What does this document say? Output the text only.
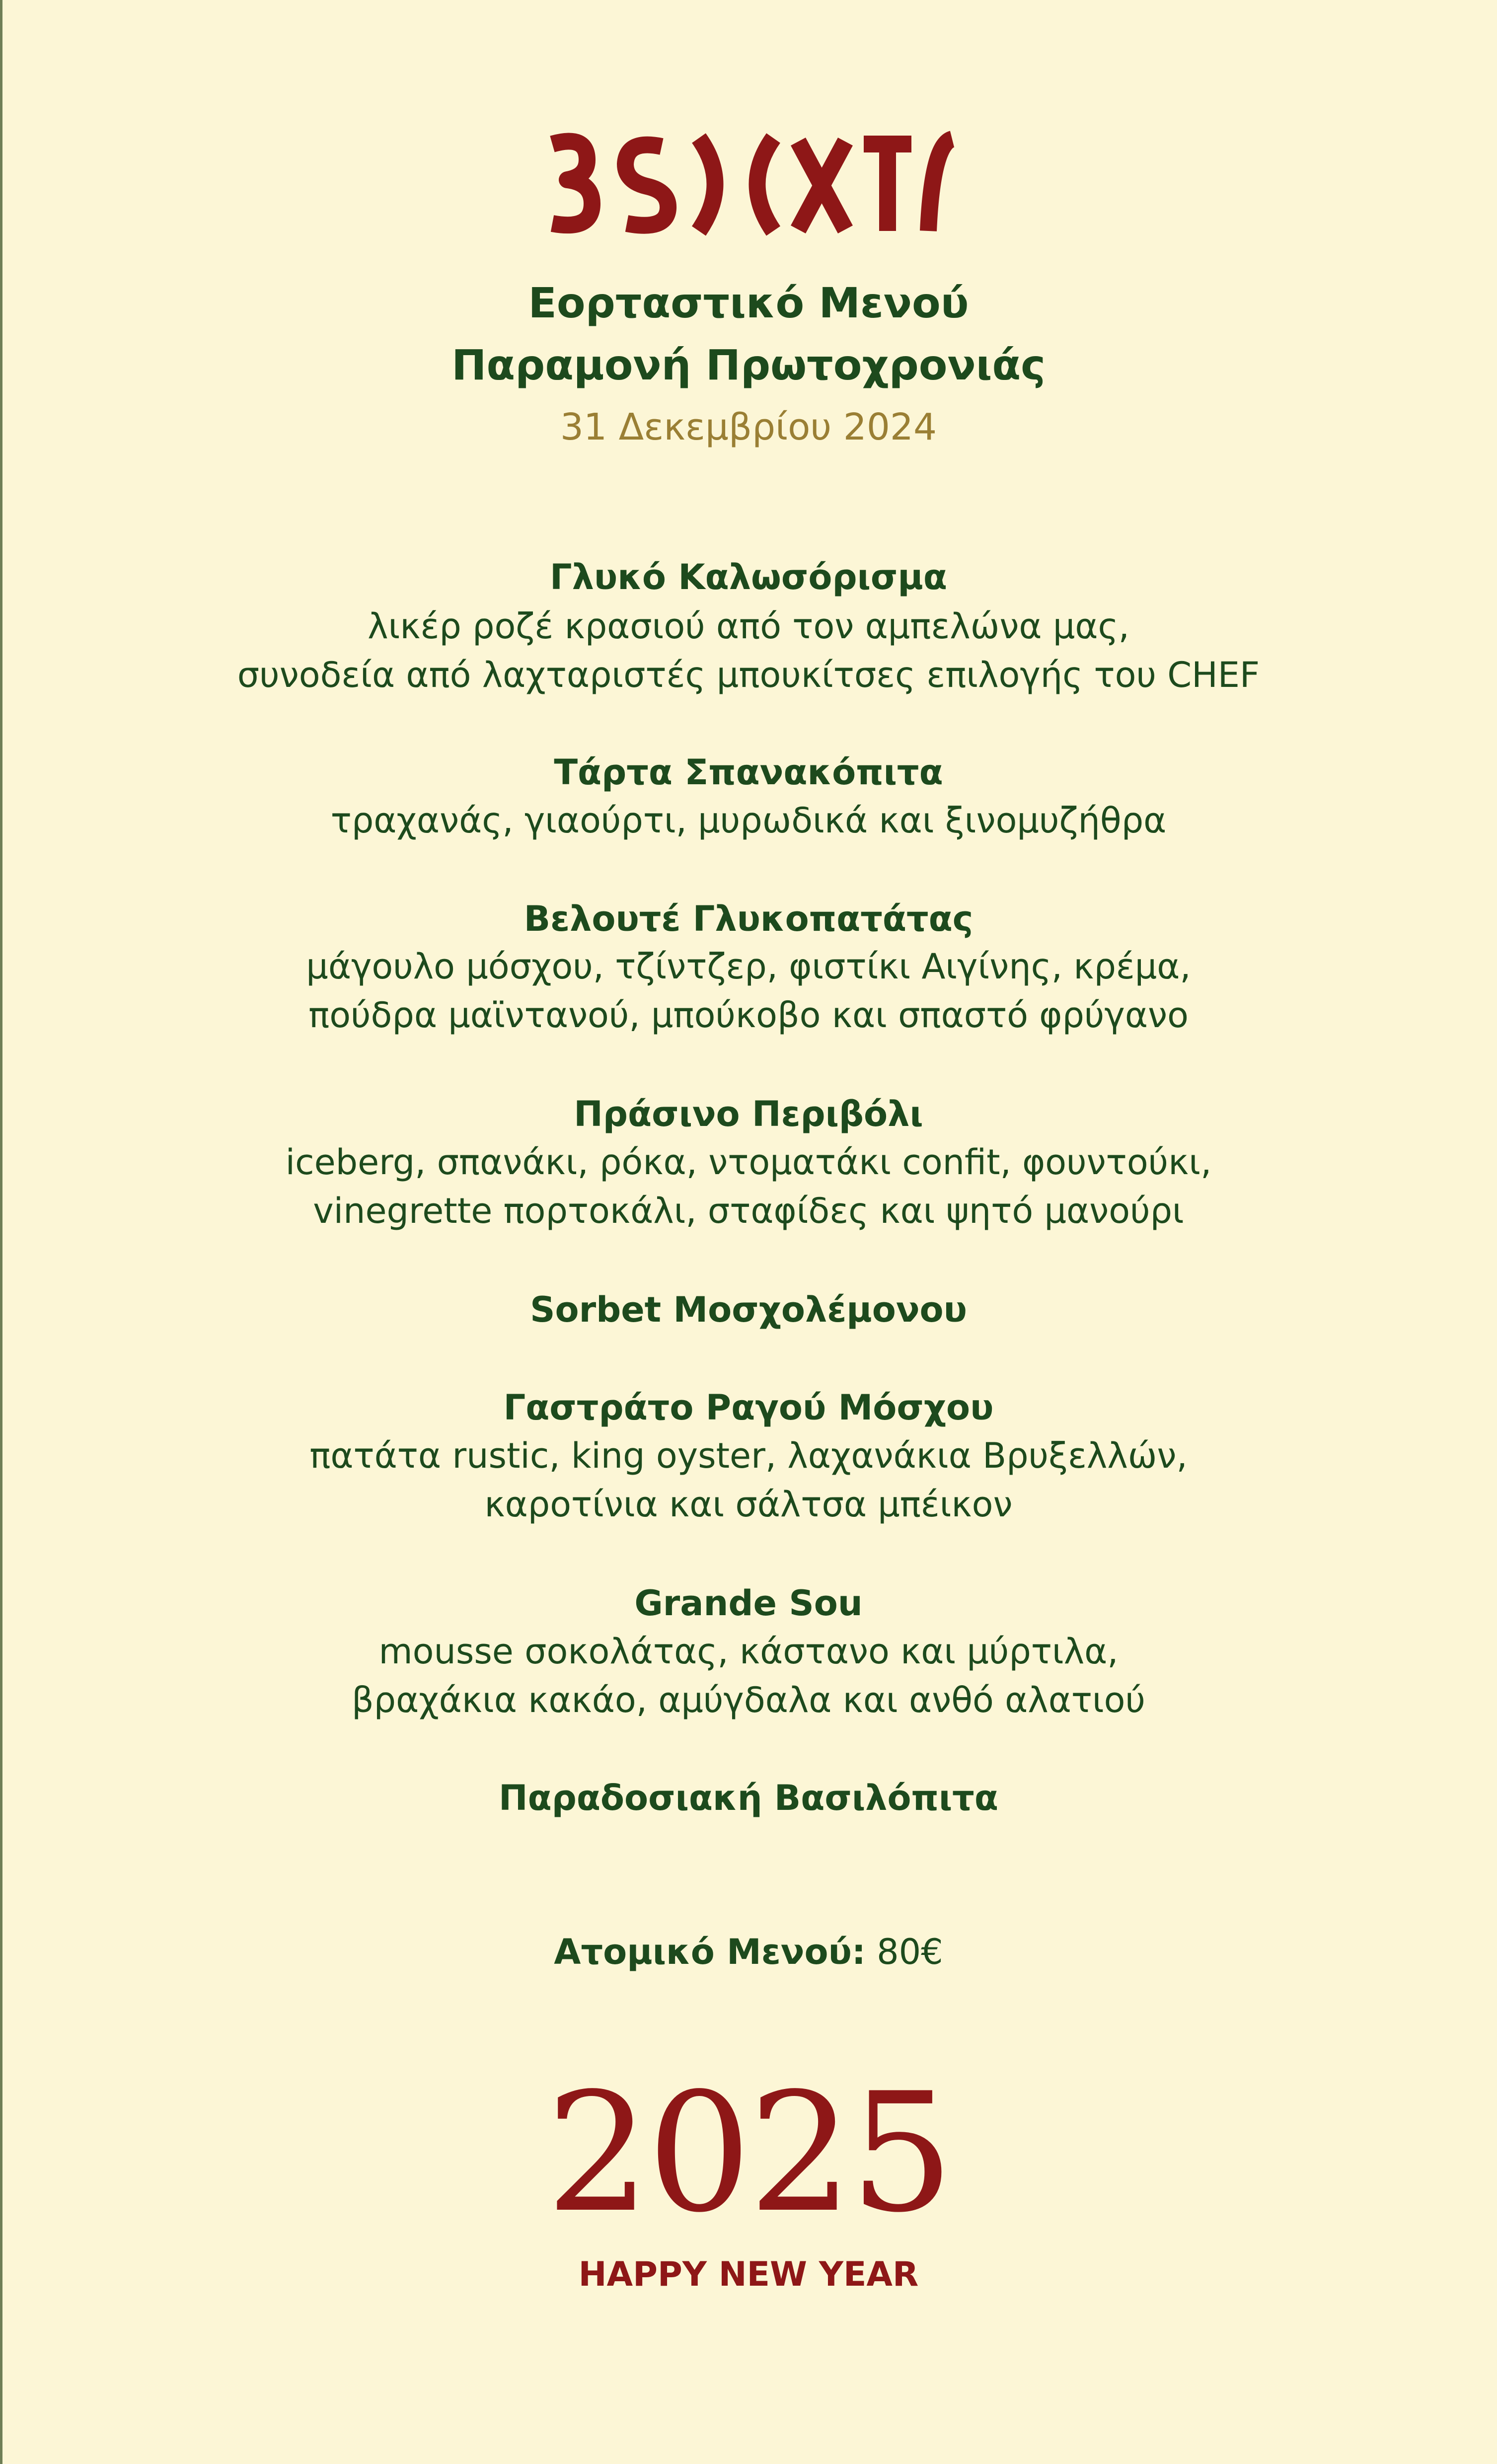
Εορταστικό Μενού
Παραμονή Πρωτοχρονιάς
31 Δεκεμβρίου 2024
Γλυκό Καλωσόρισμα
λικέρ ροζέ κρασιού από τον αμπελώνα μας,
συνοδεία από λαχταριστές μπουκίτσες επιλογής του CHEF
Τάρτα Σπανακόπιτα
τραχανάς, γιαούρτι, μυρωδικά και ξινομυζήθρα
Βελουτέ Γλυκοπατάτας
μάγουλο μόσχου, τζίντζερ, φιστίκι Αιγίνης, κρέμα,
πούδρα μαϊντανού, μπούκοβο και σπαστό φρύγανο
Πράσινο Περιβόλι
iceberg, σπανάκι, ρόκα, ντοματάκι confit, φουντούκι,
vinegrette πορτοκάλι, σταφίδες και ψητό μανούρι
Sorbet Μοσχολέμονου
Γαστράτο Ραγού Μόσχου
πατάτα rustic, king oyster, λαχανάκια Βρυξελλών,
καροτίνια και σάλτσα μπέικον
Grande Sou
mousse σοκολάτας, κάστανο και μύρτιλα,
βραχάκια κακάο, αμύγδαλα και ανθό αλατιού
Παραδοσιακή Βασιλόπιτα
Ατομικό Μενού: 80€
2025
HAPPY NEW YEAR
